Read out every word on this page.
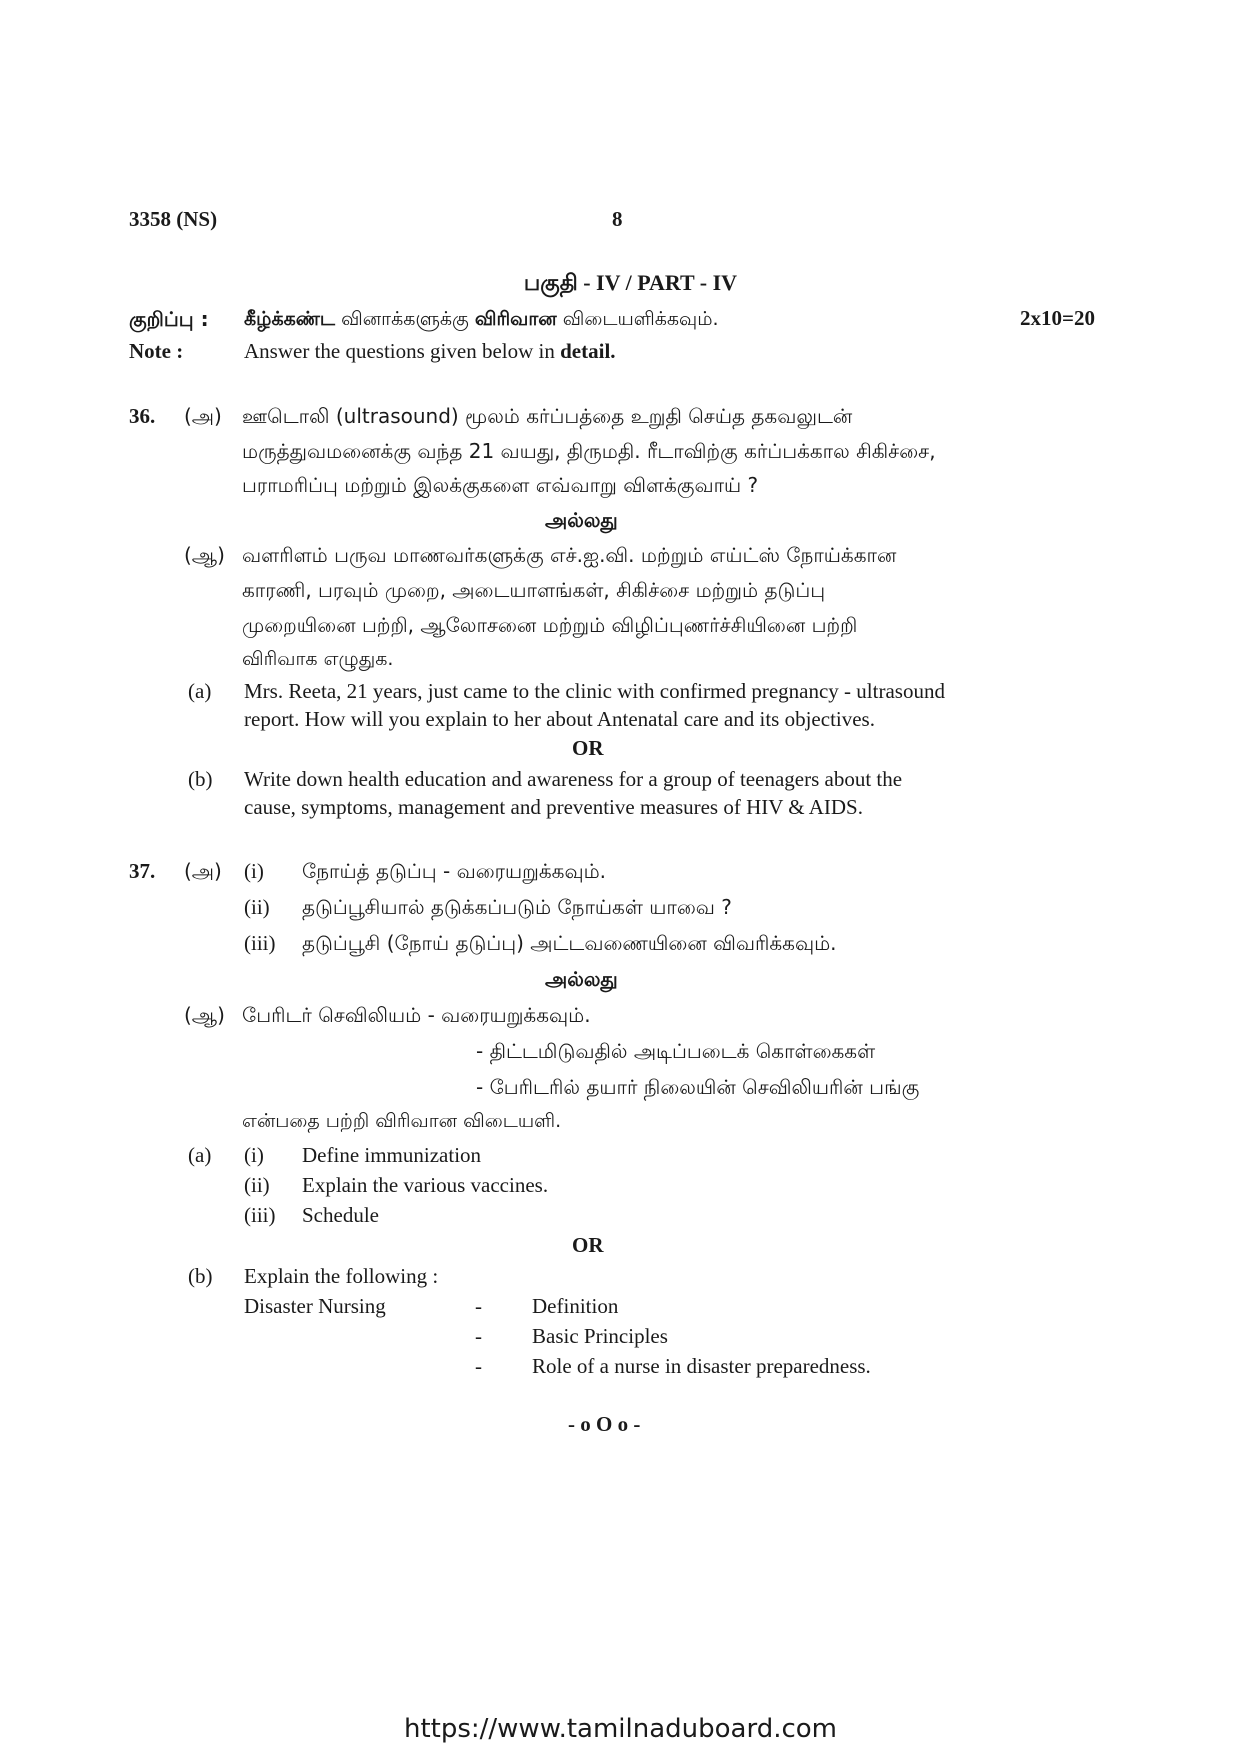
3358 (NS)	8
பகுதி - IV / PART - IV
குறிப்பு : கீழ்க்கண்ட வினாக்களுக்கு விரிவான விடையளிக்கவும்.	2x10=20
Note :	Answer the questions given below in detail.
36. (அ) ஊடொலி (ultrasound) மூலம் கர்ப்பத்தை உறுதி செய்த தகவலுடன்
மருத்துவமனைக்கு வந்த 21 வயது, திருமதி. ரீடாவிற்கு கர்ப்பக்கால சிகிச்சை,
பராமரிப்பு மற்றும் இலக்குகளை எவ்வாறு விளக்குவாய் ?
அல்லது
(ஆ) வளரிளம் பருவ மாணவர்களுக்கு எச்.ஐ.வி. மற்றும் எய்ட்ஸ் நோய்க்கான
காரணி, பரவும் முறை, அடையாளங்கள், சிகிச்சை மற்றும் தடுப்பு
முறையினை பற்றி, ஆலோசனை மற்றும் விழிப்புணர்ச்சியினை பற்றி
விரிவாக எழுதுக.
(a) Mrs. Reeta, 21 years, just came to the clinic with confirmed pregnancy - ultrasound
report. How will you explain to her about Antenatal care and its objectives.
OR
(b) Write down health education and awareness for a group of teenagers about the
cause, symptoms, management and preventive measures of HIV & AIDS.
37. (அ) (i) நோய்த் தடுப்பு - வரையறுக்கவும்.
(ii) தடுப்பூசியால் தடுக்கப்படும் நோய்கள் யாவை ?
(iii) தடுப்பூசி (நோய் தடுப்பு) அட்டவணையினை விவரிக்கவும்.
அல்லது
(ஆ) பேரிடர் செவிலியம் - வரையறுக்கவும்.
- திட்டமிடுவதில் அடிப்படைக் கொள்கைகள்
- பேரிடரில் தயார் நிலையின் செவிலியரின் பங்கு
என்பதை பற்றி விரிவான விடையளி.
(a) (i) Define immunization
(ii) Explain the various vaccines.
(iii) Schedule
OR
(b) Explain the following :
Disaster Nursing	- Definition
- Basic Principles
- Role of a nurse in disaster preparedness.
- o O o -
https://www.tamilnaduboard.com
